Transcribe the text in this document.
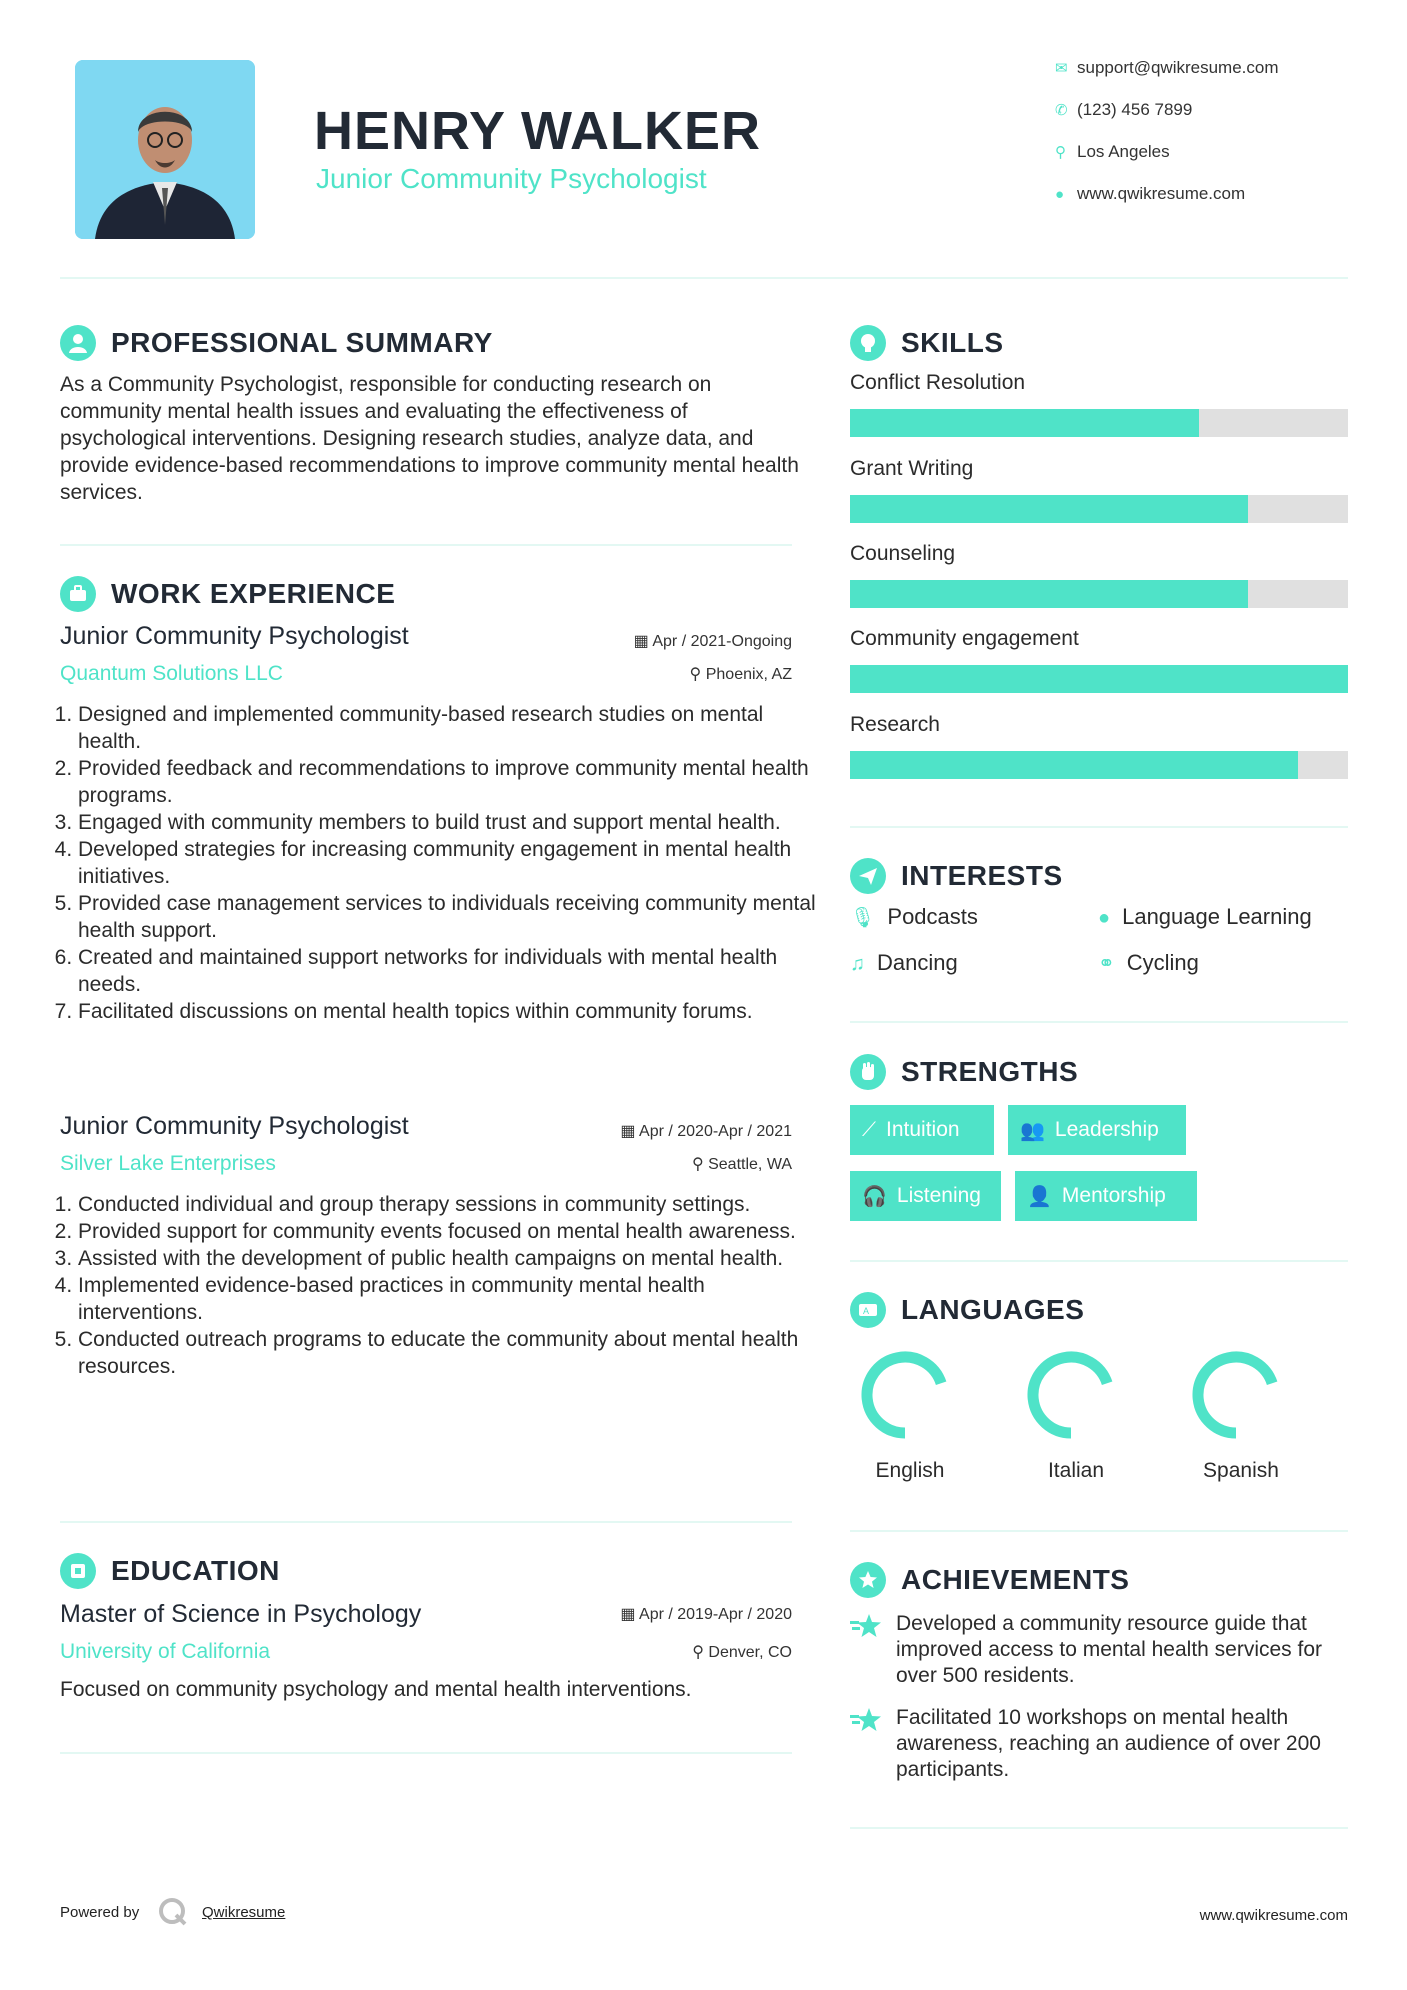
HENRY WALKER
Junior Community Psychologist
✉ support@qwikresume.com
✆ (123) 456 7899
⚲ Los Angeles
● www.qwikresume.com
PROFESSIONAL SUMMARY
As a Community Psychologist, responsible for conducting research on community mental health issues and evaluating the effectiveness of psychological interventions. Designing research studies, analyze data, and provide evidence-based recommendations to improve community mental health services.
WORK EXPERIENCE
Junior Community Psychologist	▦ Apr / 2021-Ongoing
Quantum Solutions LLC	⚲ Phoenix, AZ
1. Designed and implemented community-based research studies on mental health.
2. Provided feedback and recommendations to improve community mental health programs.
3. Engaged with community members to build trust and support mental health.
4. Developed strategies for increasing community engagement in mental health initiatives.
5. Provided case management services to individuals receiving community mental health support.
6. Created and maintained support networks for individuals with mental health needs.
7. Facilitated discussions on mental health topics within community forums.
Junior Community Psychologist	▦ Apr / 2020-Apr / 2021
Silver Lake Enterprises	⚲ Seattle, WA
1. Conducted individual and group therapy sessions in community settings.
2. Provided support for community events focused on mental health awareness.
3. Assisted with the development of public health campaigns on mental health.
4. Implemented evidence-based practices in community mental health interventions.
5. Conducted outreach programs to educate the community about mental health resources.
EDUCATION
Master of Science in Psychology	▦ Apr / 2019-Apr / 2020
University of California	⚲ Denver, CO
Focused on community psychology and mental health interventions.
SKILLS
Conflict Resolution
Grant Writing
Counseling
Community engagement
Research
INTERESTS
🎙 Podcasts	● Language Learning
♫ Dancing	⚭ Cycling
STRENGTHS
⟋ Intuition	👥 Leadership
🎧 Listening 👤 Mentorship
A LANGUAGES
English	Italian	Spanish
ACHIEVEMENTS
Developed a community resource guide that improved access to mental health services for over 500 residents.
Facilitated 10 workshops on mental health awareness, reaching an audience of over 200 participants.
Powered by	Qwikresume	www.qwikresume.com
